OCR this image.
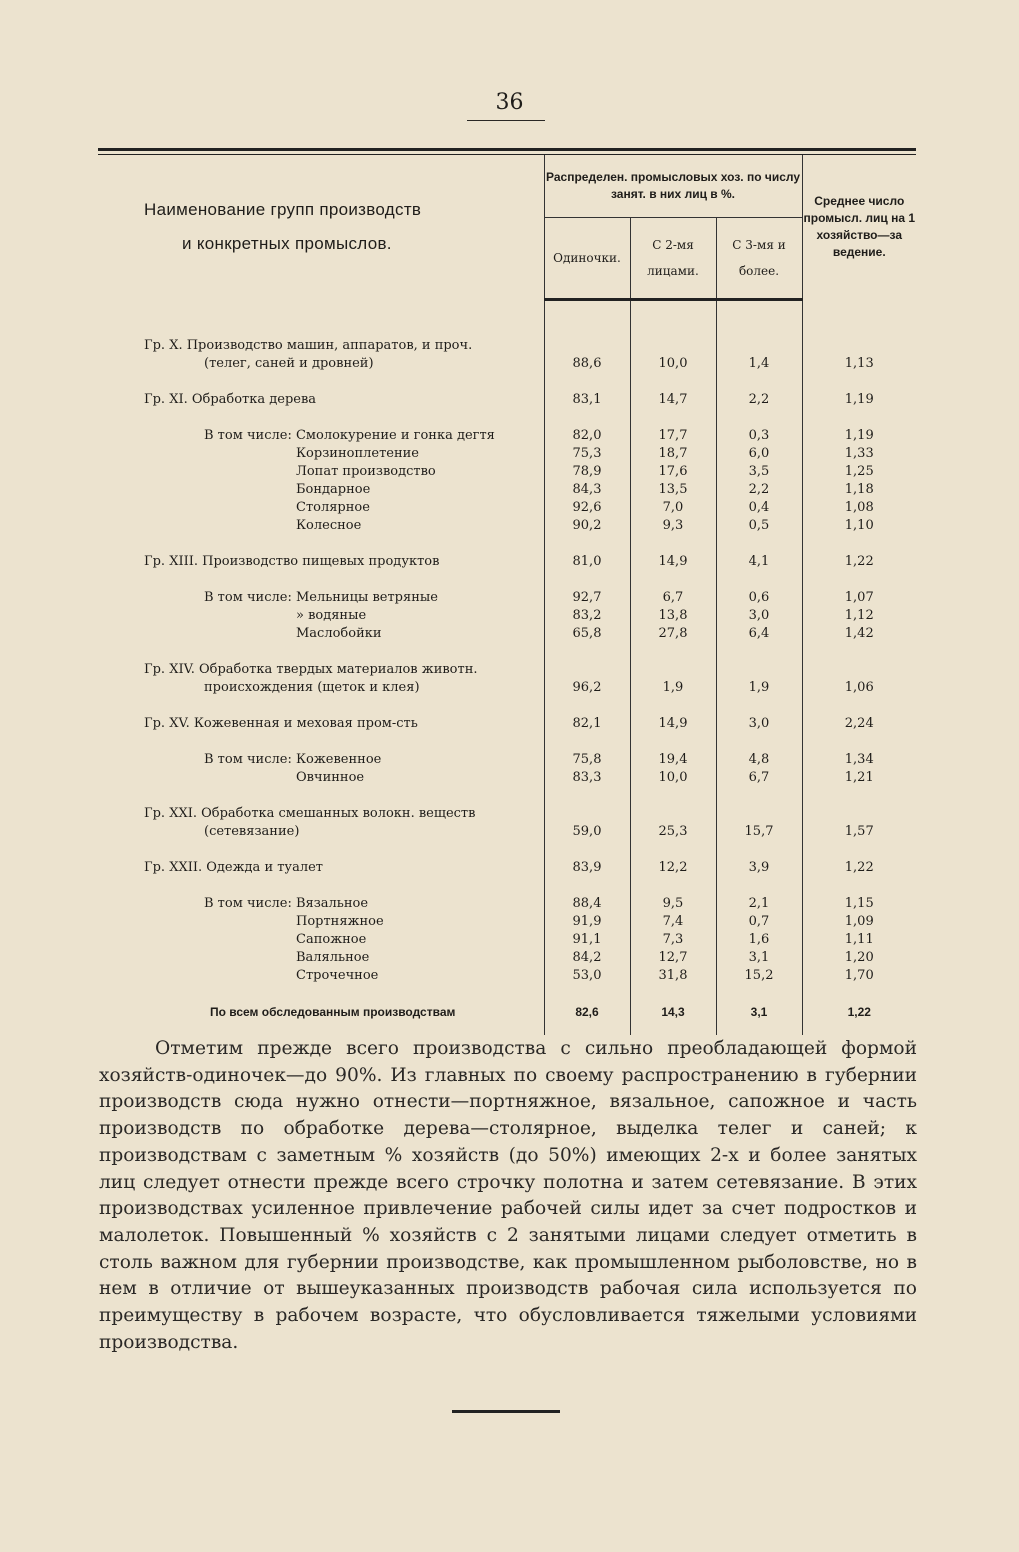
36
Наименование групп производств
и конкретных промыслов.	Распределен. промысловых хоз. по числу занят. в них лиц в %.			Среднее число промысл. лиц на 1 хозяйство—за ведение.
	Одиночки.	С 2-мя лицами.	С 3-мя и более.	

Гр. X. Производство машин, аппаратов, и проч.
(телег, саней и дровней)	88,6	10,0	1,4	1,13

Гр. XI. Обработка дерева	83,1	14,7	2,2	1,19

В том числе: Смолокурение и гонка дегтя	82,0	17,7	0,3	1,19
Корзиноплетение	75,3	18,7	6,0	1,33
Лопат производство	78,9	17,6	3,5	1,25
Бондарное	84,3	13,5	2,2	1,18
Столярное	92,6	7,0	0,4	1,08
Колесное	90,2	9,3	0,5	1,10

Гр. XIII. Производство пищевых продуктов	81,0	14,9	4,1	1,22

В том числе: Мельницы ветряные	92,7	6,7	0,6	1,07
» водяные	83,2	13,8	3,0	1,12
Маслобойки	65,8	27,8	6,4	1,42

Гр. XIV. Обработка твердых материалов животн.
происхождения (щеток и клея)	96,2	1,9	1,9	1,06

Гр. XV. Кожевенная и меховая пром-сть	82,1	14,9	3,0	2,24

В том числе: Кожевенное	75,8	19,4	4,8	1,34
Овчинное	83,3	10,0	6,7	1,21

Гр. XXI. Обработка смешанных волокн. веществ
(сетевязание)	59,0	25,3	15,7	1,57

Гр. XXII. Одежда и туалет	83,9	12,2	3,9	1,22

В том числе: Вязальное	88,4	9,5	2,1	1,15
Портняжное	91,9	7,4	0,7	1,09
Сапожное	91,1	7,3	1,6	1,11
Валяльное	84,2	12,7	3,1	1,20
Строчечное	53,0	31,8	15,2	1,70

По всем обследованным производствам	82,6	14,3	3,1	1,22

Отметим прежде всего производства с сильно преобладающей формой хозяйств-одиночек—до 90%. Из главных по своему распространению в губернии производств сюда нужно отнести—портняжное, вязальное, сапожное и часть производств по обработке дерева—столярное, выделка телег и саней; к производствам с заметным % хозяйств (до 50%) имеющих 2-х и более занятых лиц следует отнести прежде всего строчку полотна и затем сетевязание. В этих производствах усиленное привлечение рабочей силы идет за счет подростков и малолеток. Повышенный % хозяйств с 2 занятыми лицами следует отметить в столь важном для губернии производстве, как промышленном рыболовстве, но в нем в отличие от вышеуказанных производств рабочая сила используется по преимуществу в рабочем возрасте, что обусловливается тяжелыми условиями производства.
